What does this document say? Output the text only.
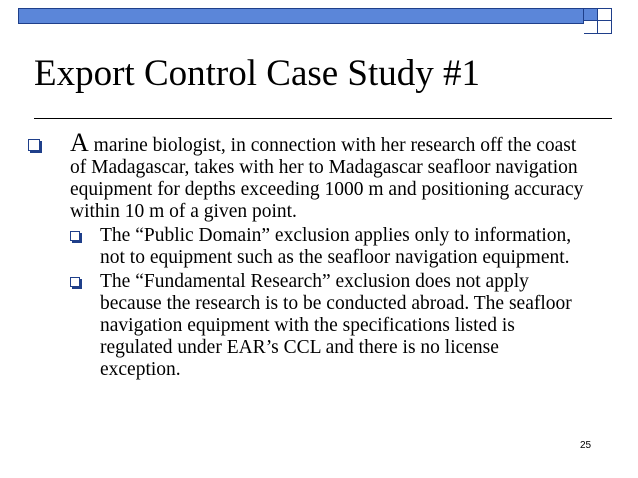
Export Control Case Study #1
A marine biologist, in connection with her research off the coast of Madagascar, takes with her to Madagascar seafloor navigation equipment for depths exceeding 1000 m and positioning accuracy within 10 m of a given point.
The “Public Domain” exclusion applies only to information, not to equipment such as the seafloor navigation equipment.
The “Fundamental Research” exclusion does not apply because the research is to be conducted abroad. The seafloor navigation equipment with the specifications listed is regulated under EAR’s CCL and there is no license exception.
25
